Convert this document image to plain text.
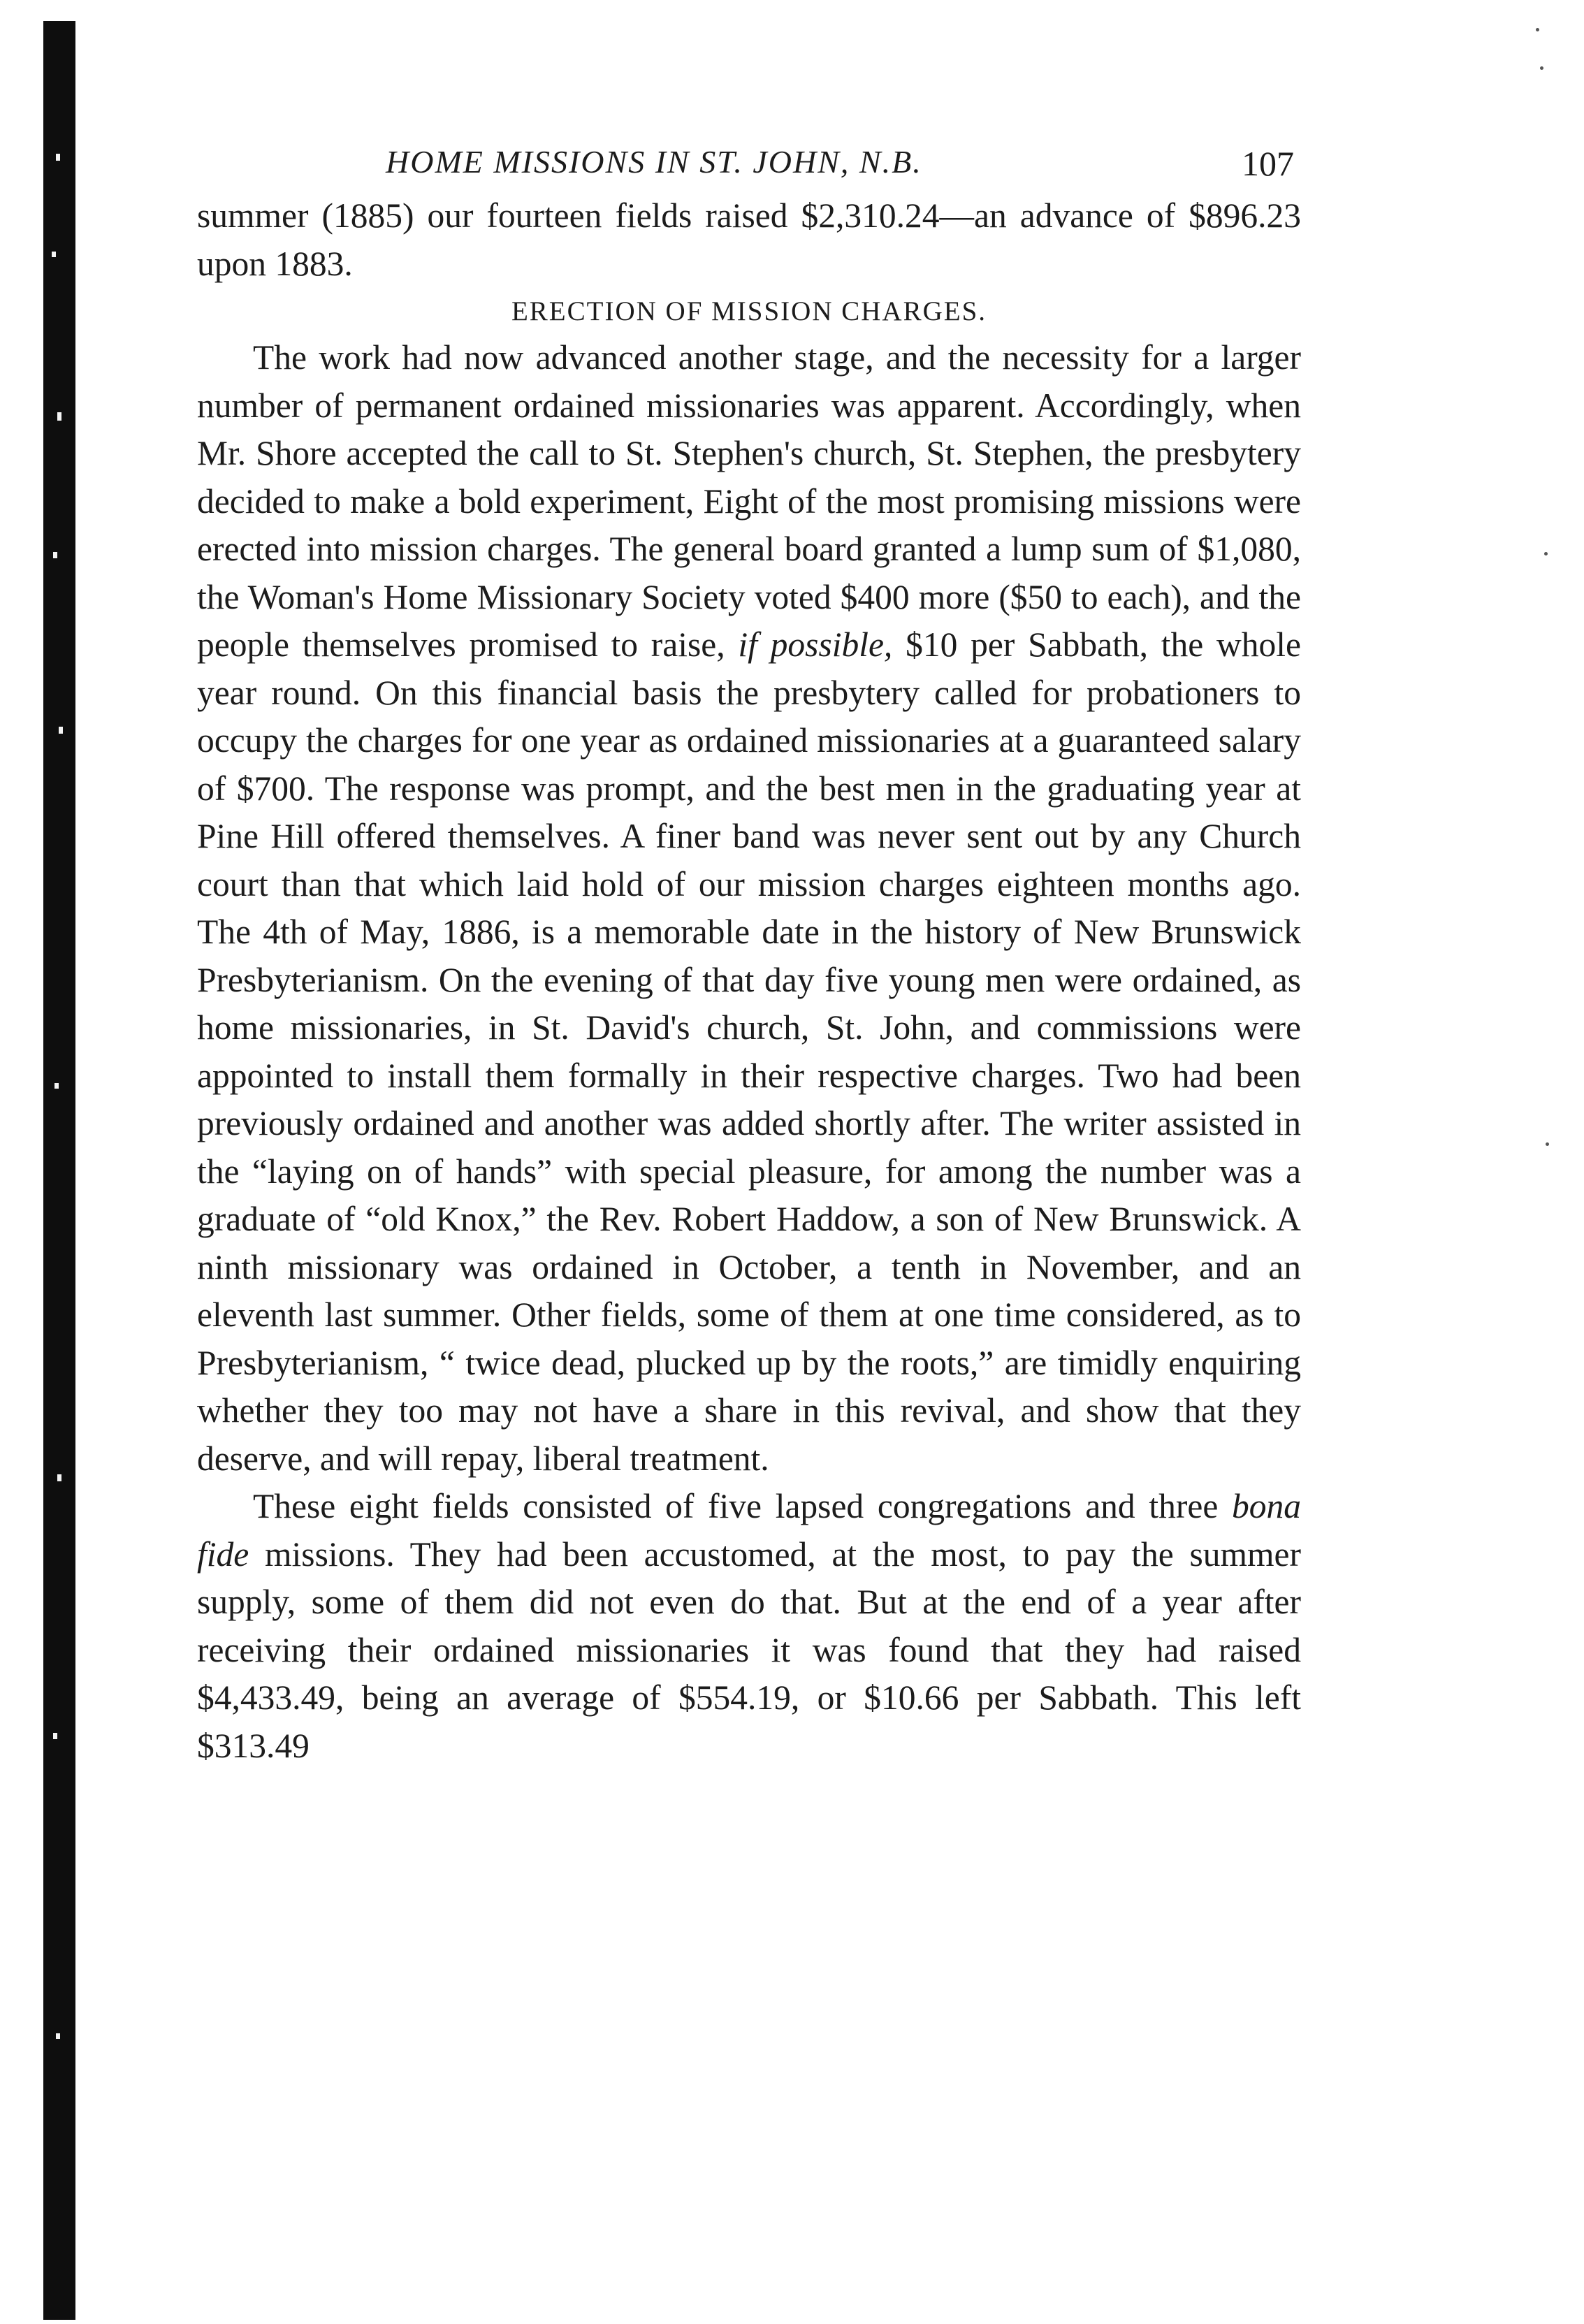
HOME MISSIONS IN ST. JOHN, N.B.	107

summer (1885) our fourteen fields raised $2,310.24—an advance of $896.23 upon 1883.

ERECTION OF MISSION CHARGES.

The work had now advanced another stage, and the necessity for a larger number of permanent ordained missionaries was apparent. Accordingly, when Mr. Shore accepted the call to St. Stephen's church, St. Stephen, the presbytery decided to make a bold experiment, Eight of the most promising missions were erected into mission charges. The general board granted a lump sum of $1,080, the Woman's Home Missionary Society voted $400 more ($50 to each), and the people themselves promised to raise, if possible, $10 per Sabbath, the whole year round. On this financial basis the presbytery called for probationers to occupy the charges for one year as ordained missionaries at a guaranteed salary of $700. The response was prompt, and the best men in the graduating year at Pine Hill offered themselves. A finer band was never sent out by any Church court than that which laid hold of our mission charges eighteen months ago. The 4th of May, 1886, is a memorable date in the history of New Brunswick Presbyterianism. On the evening of that day five young men were ordained, as home missionaries, in St. David's church, St. John, and commissions were appointed to install them formally in their respective charges. Two had been previously ordained and another was added shortly after. The writer assisted in the “laying on of hands” with special pleasure, for among the number was a graduate of “old Knox,” the Rev. Robert Haddow, a son of New Brunswick. A ninth missionary was ordained in October, a tenth in November, and an eleventh last summer. Other fields, some of them at one time considered, as to Presbyterianism, “ twice dead, plucked up by the roots,” are timidly enquiring whether they too may not have a share in this revival, and show that they deserve, and will repay, liberal treatment.

These eight fields consisted of five lapsed congregations and three bona fide missions. They had been accustomed, at the most, to pay the summer supply, some of them did not even do that. But at the end of a year after receiving their ordained missionaries it was found that they had raised $4,433.49, being an average of $554.19, or $10.66 per Sabbath. This left $313.49
